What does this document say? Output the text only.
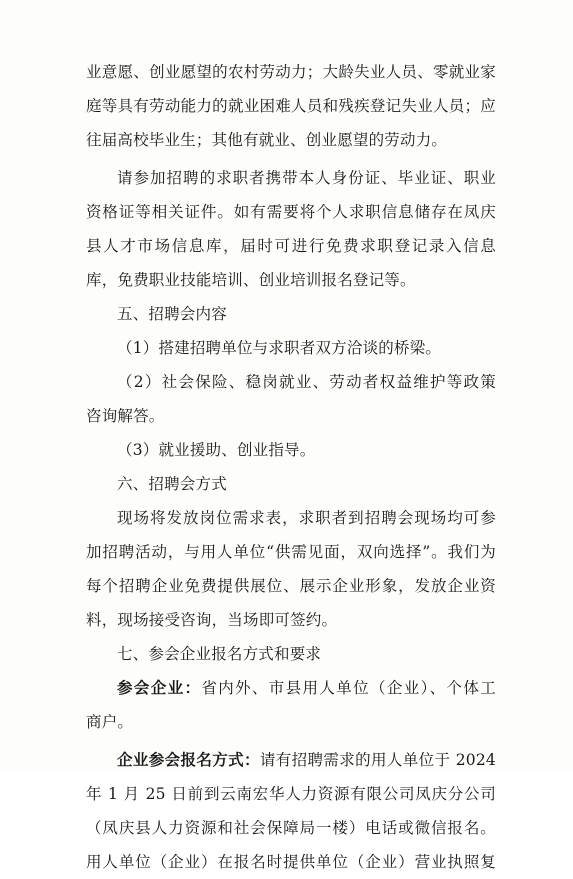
业意愿、创业愿望的农村劳动力；大龄失业人员、零就业家
庭等具有劳动能力的就业困难人员和残疾登记失业人员；应
往届高校毕业生；其他有就业、创业愿望的劳动力。
请参加招聘的求职者携带本人身份证、毕业证、职业
资格证等相关证件。如有需要将个人求职信息储存在凤庆
县人才市场信息库，届时可进行免费求职登记录入信息
库，免费职业技能培训、创业培训报名登记等。
五、招聘会内容
（1）搭建招聘单位与求职者双方洽谈的桥梁。
（2）社会保险、稳岗就业、劳动者权益维护等政策
咨询解答。
（3）就业援助、创业指导。
六、招聘会方式
现场将发放岗位需求表，求职者到招聘会现场均可参
加招聘活动，与用人单位“供需见面，双向选择”。我们为
每个招聘企业免费提供展位、展示企业形象，发放企业资
料，现场接受咨询，当场即可签约。
七、参会企业报名方式和要求
参会企业：省内外、市县用人单位（企业）、个体工
商户。
企业参会报名方式：请有招聘需求的用人单位于 2024
年 1 月 25 日前到云南宏华人力资源有限公司凤庆分公司
（凤庆县人力资源和社会保障局一楼）电话或微信报名。
用人单位（企业）在报名时提供单位（企业）营业执照复
